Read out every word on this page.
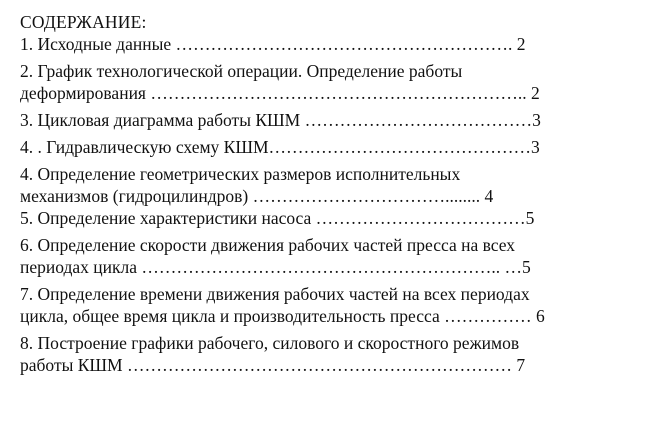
СОДЕРЖАНИЕ:
1. Исходные данные …………………………………………………. 2
2. График технологической операции. Определение работы
деформирования ……………………………………………………….. 2
3. Цикловая диаграмма работы КШМ …………………………………3
4. . Гидравлическую схему КШМ………………………………………3
4. Определение геометрических размеров исполнительных
механизмов (гидроцилиндров) ……………………………........ 4
5. Определение характеристики насоса ………………………………5
6. Определение скорости движения рабочих частей пресса на всех
периодах цикла …………………………………………………….. …5
7. Определение времени движения рабочих частей на всех периодах
цикла, общее время цикла и производительность пресса …………… 6
8. Построение графики рабочего, силового и скоростного режимов
работы КШМ ………………………………………………………… 7
